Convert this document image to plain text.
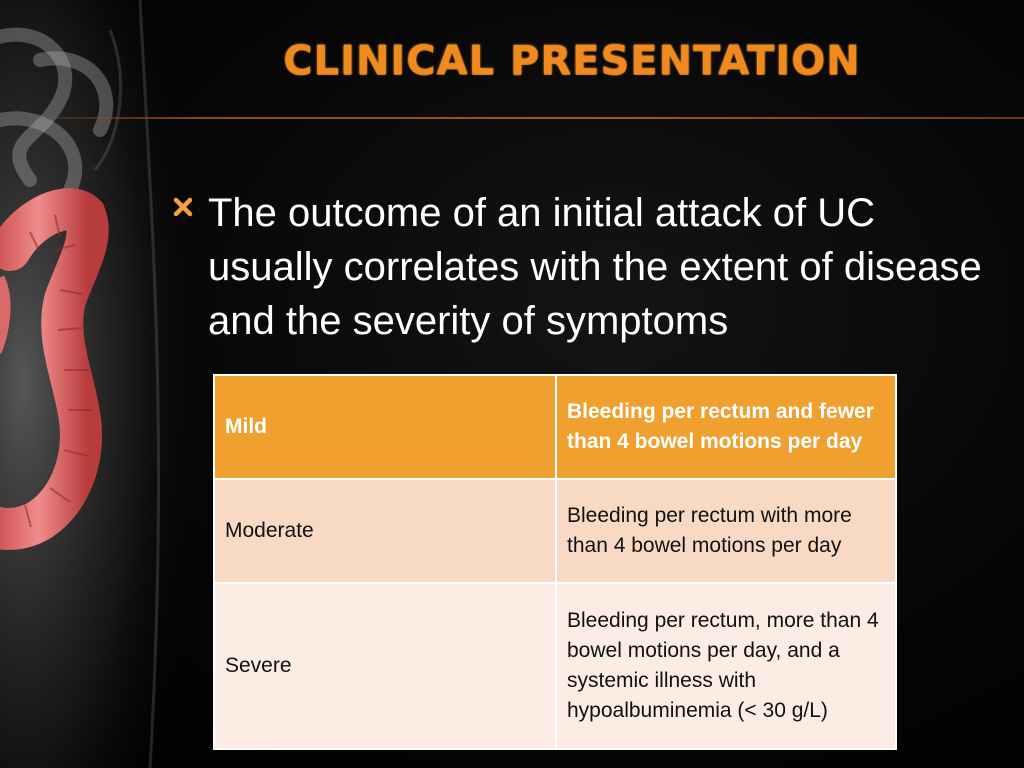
CLINICAL PRESENTATION

The outcome of an initial attack of UC usually correlates with the extent of disease and the severity of symptoms

Mild	Bleeding per rectum and fewer than 4 bowel motions per day
Moderate	Bleeding per rectum with more than 4 bowel motions per day
Severe	Bleeding per rectum, more than 4 bowel motions per day, and a systemic illness with hypoalbuminemia (< 30 g/L)
